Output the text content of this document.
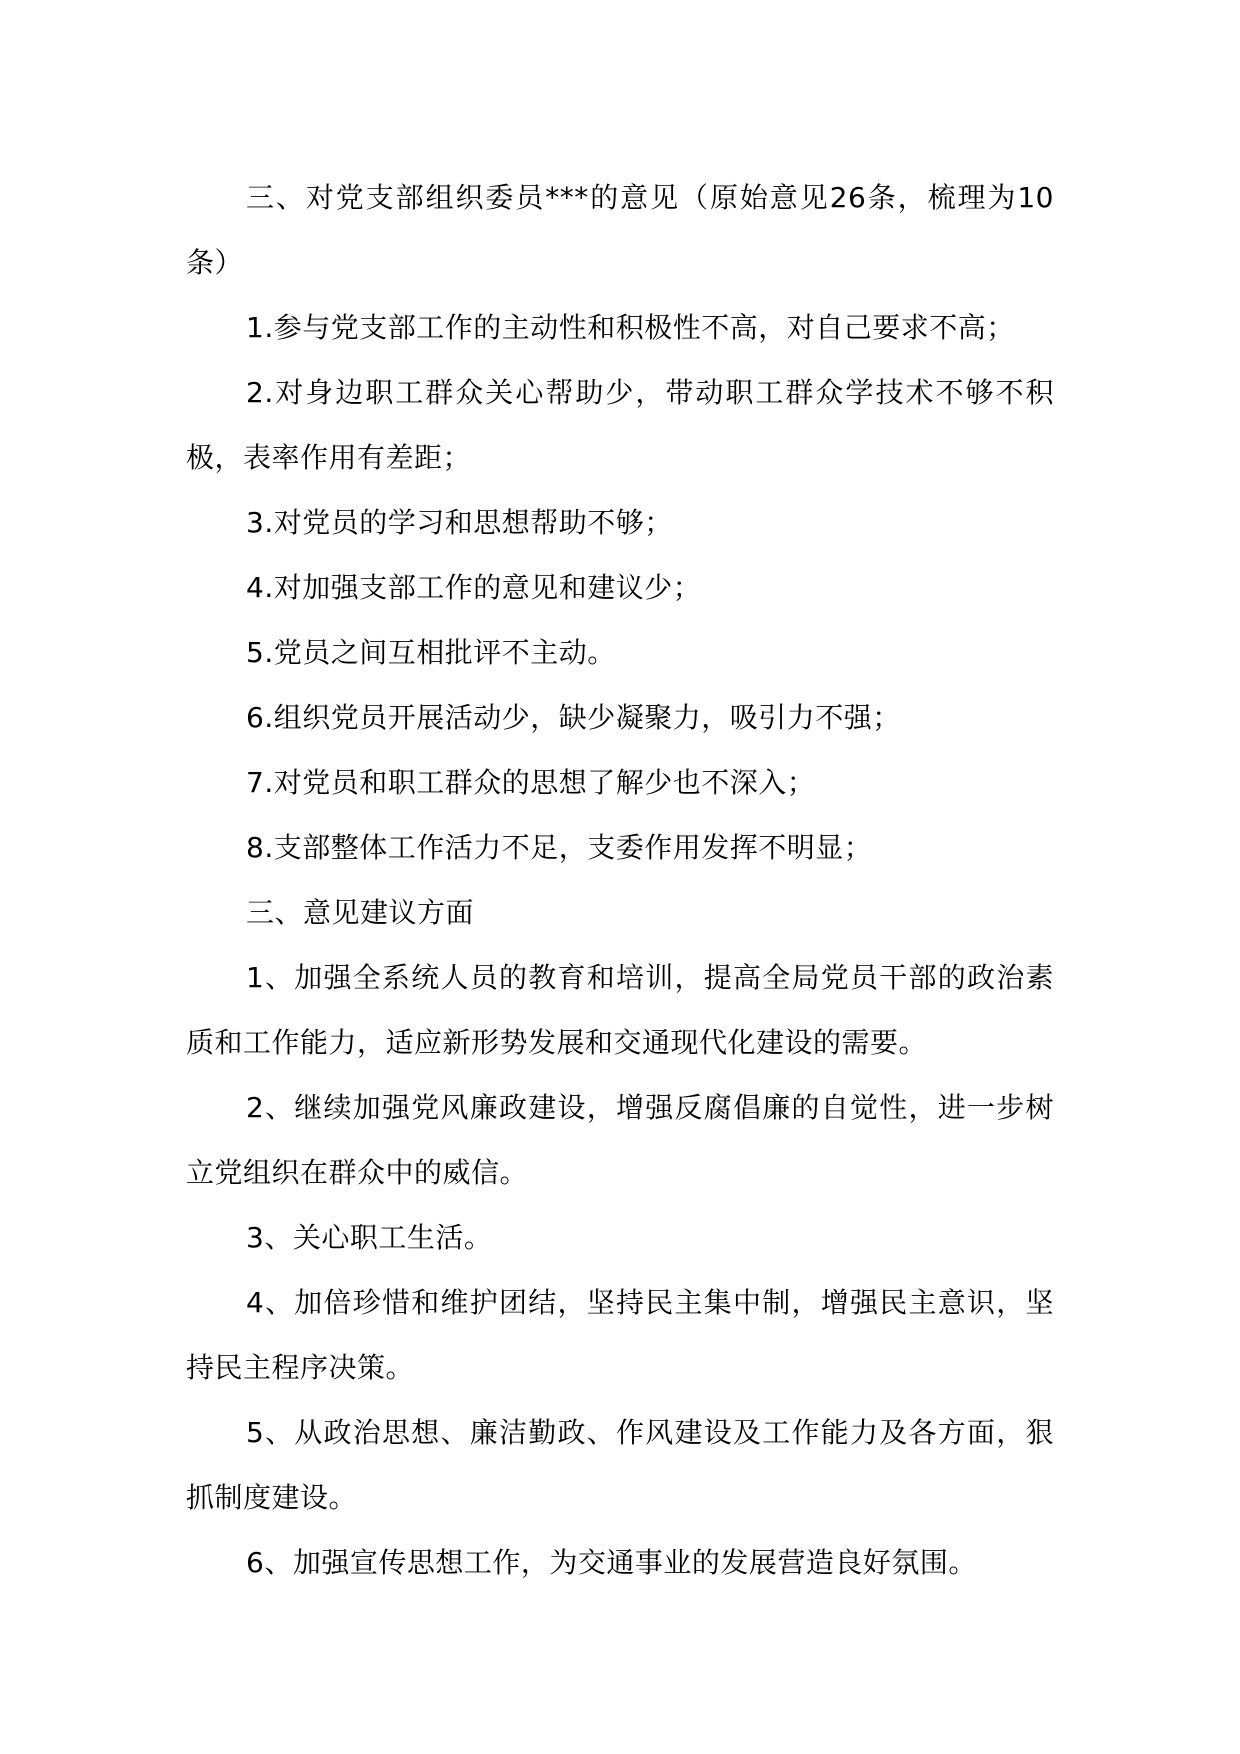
三、对党支部组织委员***的意见（原始意见26条，梳理为10条）

1.参与党支部工作的主动性和积极性不高，对自己要求不高；

2.对身边职工群众关心帮助少，带动职工群众学技术不够不积极，表率作用有差距；

3.对党员的学习和思想帮助不够；

4.对加强支部工作的意见和建议少；

5.党员之间互相批评不主动。

6.组织党员开展活动少，缺少凝聚力，吸引力不强；

7.对党员和职工群众的思想了解少也不深入；

8.支部整体工作活力不足，支委作用发挥不明显；

三、意见建议方面

1、加强全系统人员的教育和培训，提高全局党员干部的政治素质和工作能力，适应新形势发展和交通现代化建设的需要。

2、继续加强党风廉政建设，增强反腐倡廉的自觉性，进一步树立党组织在群众中的威信。

3、关心职工生活。

4、加倍珍惜和维护团结，坚持民主集中制，增强民主意识，坚持民主程序决策。

5、从政治思想、廉洁勤政、作风建设及工作能力及各方面，狠抓制度建设。

6、加强宣传思想工作，为交通事业的发展营造良好氛围。
